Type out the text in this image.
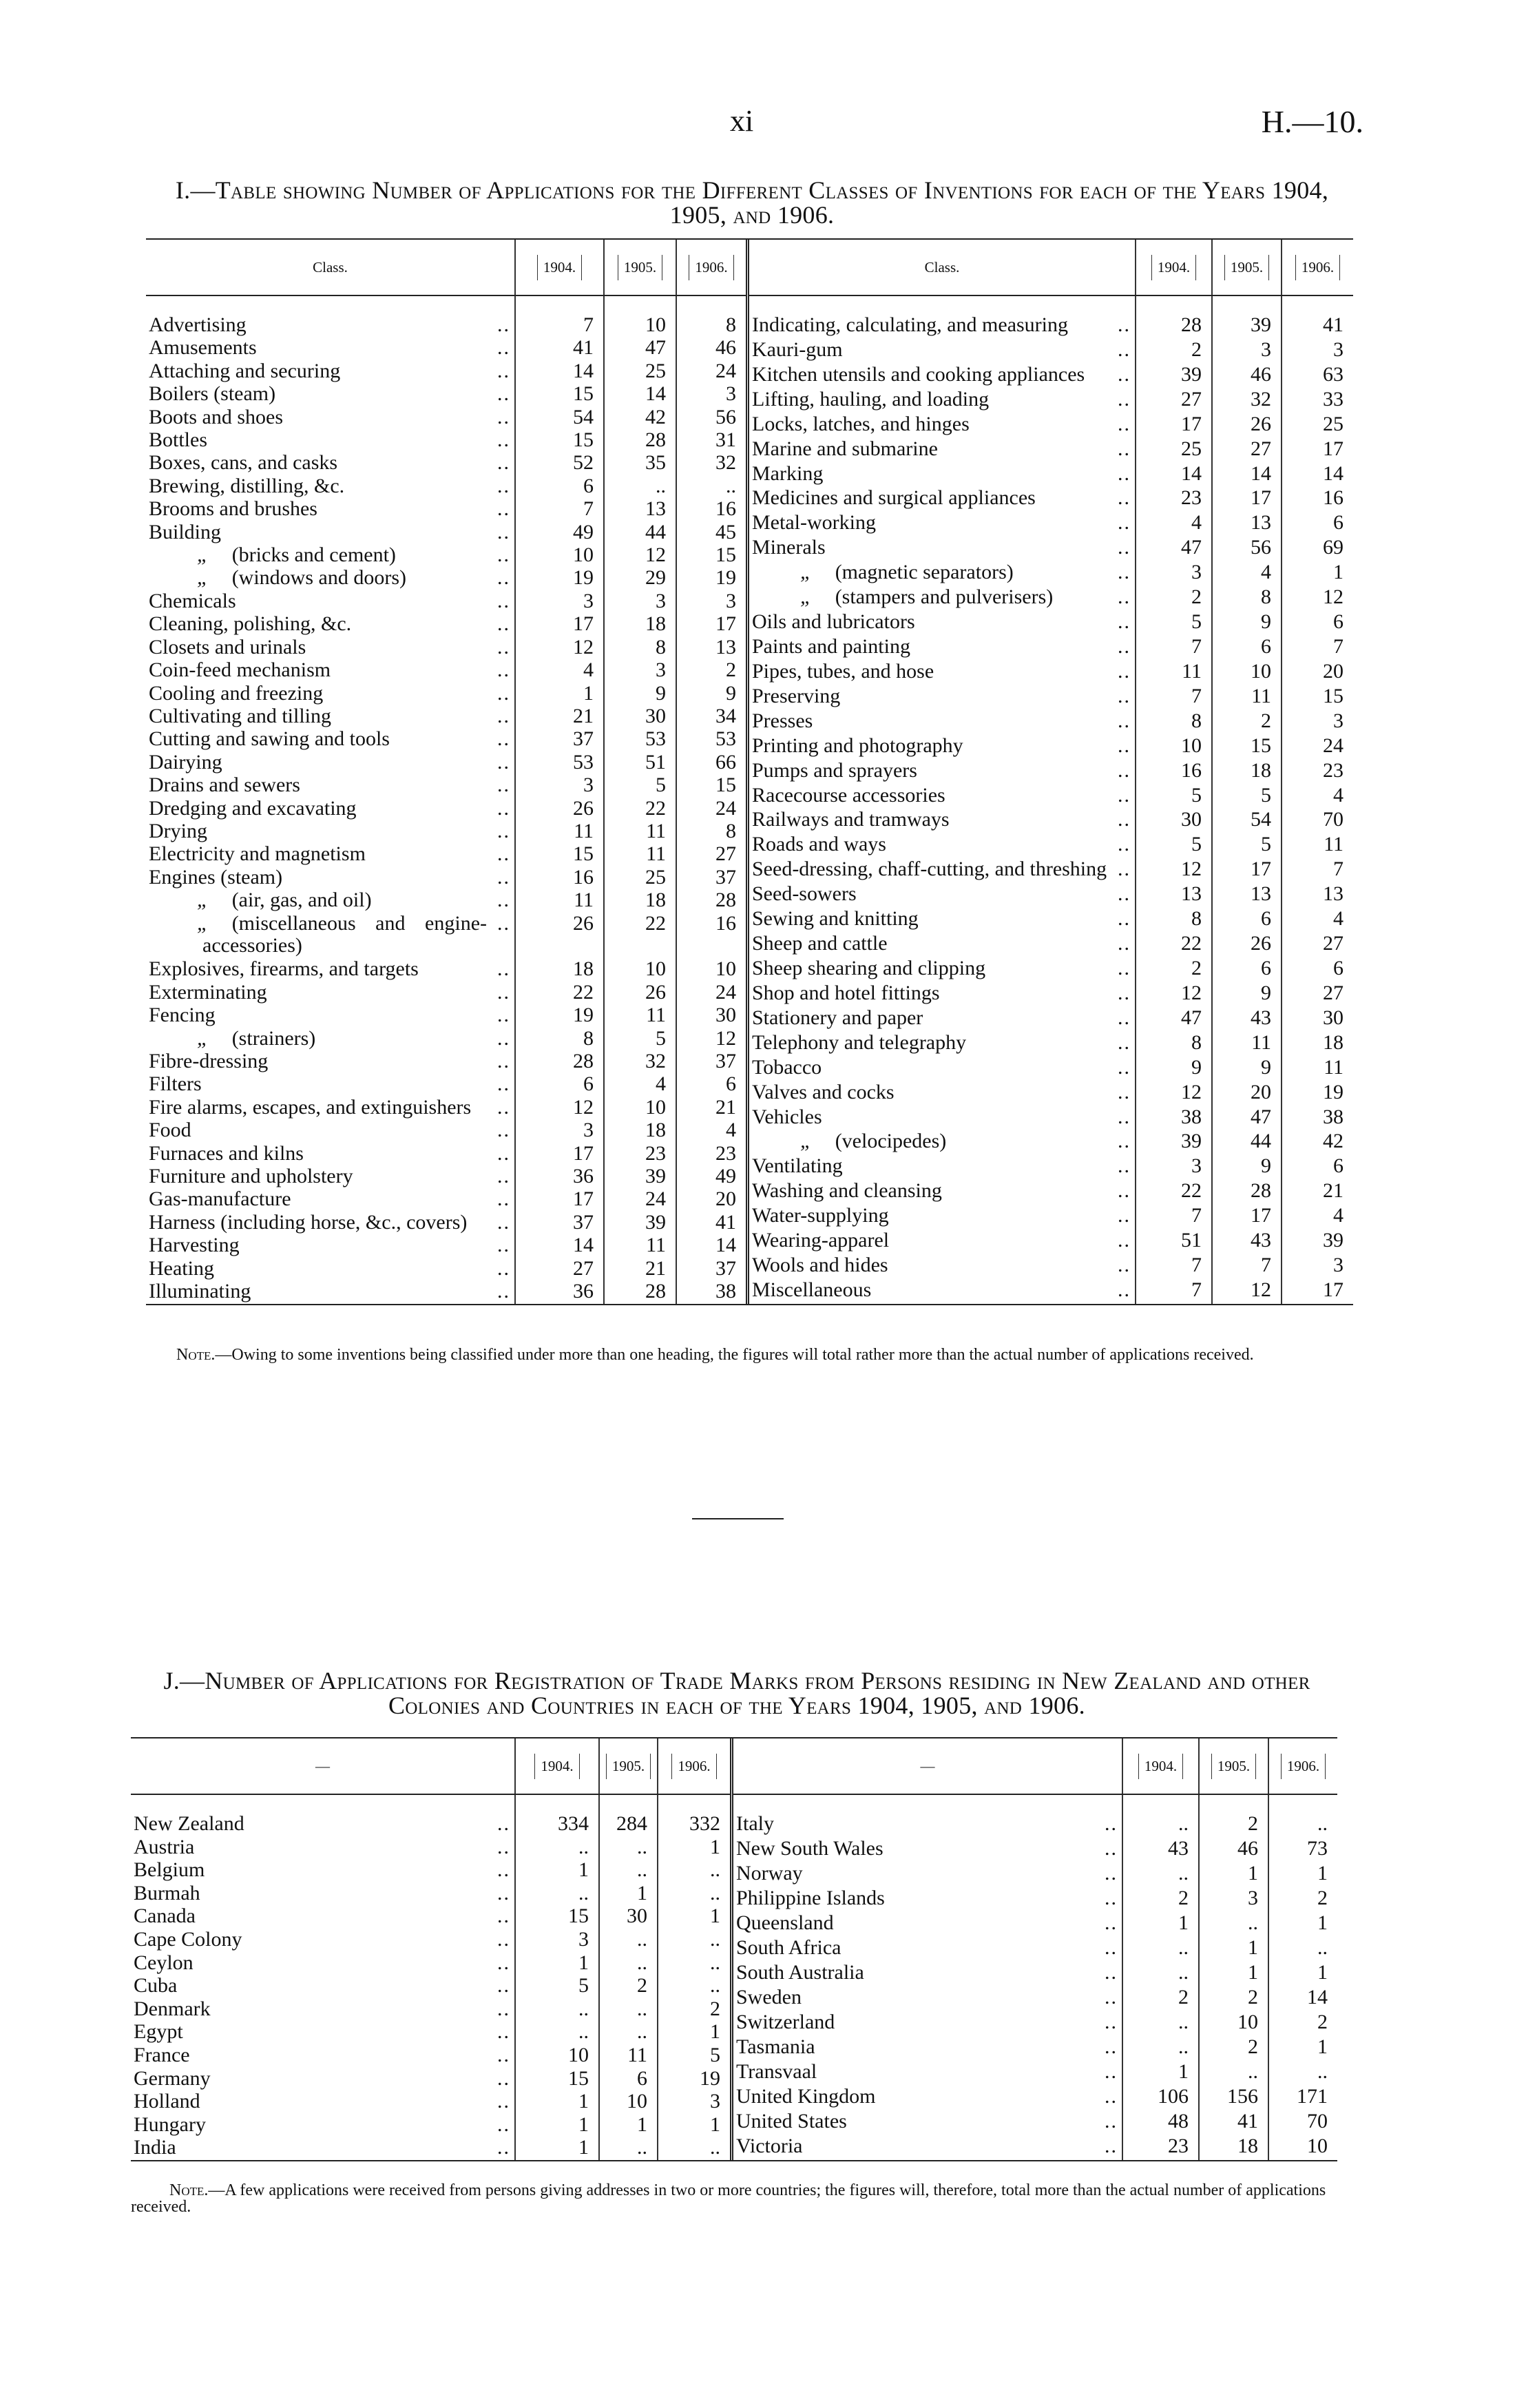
xi	H.—10.
I.—Table showing Number of Applications for the Different Classes of Inventions for each of the Years 1904, 1905, and 1906.
Class.	1904.	1905.	1906.

Advertising ..	7	10	8

Amusements ..	41	47	46

Attaching and securing ..	14	25	24

Boilers (steam) ..	15	14	3

Boots and shoes ..	54	42	56

Bottles ..	15	28	31

Boxes, cans, and casks ..	52	35	32

Brewing, distilling, &c. ..	6	..	..

Brooms and brushes ..	7	13	16

Building ..	49	44	45

„ (bricks and cement) ..	10	12	15

„ (windows and doors) ..	19	29	19

Chemicals ..	3	3	3

Cleaning, polishing, &c. ..	17	18	17

Closets and urinals ..	12	8	13

Coin-feed mechanism ..	4	3	2

Cooling and freezing ..	1	9	9

Cultivating and tilling ..	21	30	34

Cutting and sawing and tools ..	37	53	53

Dairying ..	53	51	66

Drains and sewers ..	3	5	15

Dredging and excavating ..	26	22	24

Drying ..	11	11	8

Electricity and magnetism ..	15	11	27

Engines (steam) ..	16	25	37

„ (air, gas, and oil) ..	11	18	28

„ (miscellaneous and engine-accessories)
..	26	22	16

Explosives, firearms, and targets ..	18	10	10

Exterminating ..	22	26	24

Fencing ..	19	11	30

„ (strainers) ..	8	5	12

Fibre-dressing ..	28	32	37

Filters ..	6	4	6

Fire alarms, escapes, and extinguishers ..	12	10	21

Food ..	3	18	4

Furnaces and kilns ..	17	23	23

Furniture and upholstery ..	36	39	49

Gas-manufacture ..	17	24	20

Harness (including horse, &c., covers) ..	37	39	41

Harvesting ..	14	11	14

Heating ..	27	21	37

Illuminating ..	36	28	38

Class.	1904.	1905.	1906.

Indicating, calculating, and measuring ..	28	39	41

Kauri-gum ..	2	3	3

Kitchen utensils and cooking appliances ..	39	46	63

Lifting, hauling, and loading ..	27	32	33

Locks, latches, and hinges ..	17	26	25

Marine and submarine ..	25	27	17

Marking ..	14	14	14

Medicines and surgical appliances ..	23	17	16

Metal-working ..	4	13	6

Minerals ..	47	56	69

„ (magnetic separators) ..	3	4	1

„ (stampers and pulverisers) ..	2	8	12

Oils and lubricators ..	5	9	6

Paints and painting ..	7	6	7

Pipes, tubes, and hose ..	11	10	20

Preserving ..	7	11	15

Presses ..	8	2	3

Printing and photography ..	10	15	24

Pumps and sprayers ..	16	18	23

Racecourse accessories ..	5	5	4

Railways and tramways ..	30	54	70

Roads and ways ..	5	5	11

Seed-dressing, chaff-cutting, and threshing ..	12	17	7

Seed-sowers ..	13	13	13

Sewing and knitting ..	8	6	4

Sheep and cattle ..	22	26	27

Sheep shearing and clipping ..	2	6	6

Shop and hotel fittings ..	12	9	27

Stationery and paper ..	47	43	30

Telephony and telegraphy ..	8	11	18

Tobacco ..	9	9	11

Valves and cocks ..	12	20	19

Vehicles ..	38	47	38

„ (velocipedes) ..	39	44	42

Ventilating ..	3	9	6

Washing and cleansing ..	22	28	21

Water-supplying ..	7	17	4

Wearing-apparel ..	51	43	39

Wools and hides ..	7	7	3

Miscellaneous ..	7	12	17

Note.—Owing to some inventions being classified under more than one heading, the figures will total rather more than the actual number of applications received.
J.—Number of Applications for Registration of Trade Marks from Persons residing in New Zealand and other Colonies and Countries in each of the Years 1904, 1905, and 1906.
—	1904.	1905.	1906.

New Zealand ..	334	284	332

Austria ..	..	..	1

Belgium ..	1	..	..

Burmah ..	..	1	..

Canada ..	15	30	1

Cape Colony ..	3	..	..

Ceylon ..	1	..	..

Cuba ..	5	2	..

Denmark ..	..	..	2

Egypt ..	..	..	1

France ..	10	11	5

Germany ..	15	6	19

Holland ..	1	10	3

Hungary ..	1	1	1

India ..	1	..	..

—	1904.	1905.	1906.

Italy ..	..	2	..

New South Wales ..	43	46	73

Norway ..	..	1	1

Philippine Islands ..	2	3	2

Queensland ..	1	..	1

South Africa ..	..	1	..

South Australia ..	..	1	1

Sweden ..	2	2	14

Switzerland ..	..	10	2

Tasmania ..	..	2	1

Transvaal ..	1	..	..

United Kingdom ..	106	156	171

United States ..	48	41	70

Victoria ..	23	18	10

Note.—A few applications were received from persons giving addresses in two or more countries; the figures will, therefore, total more than the actual number of applications received.
